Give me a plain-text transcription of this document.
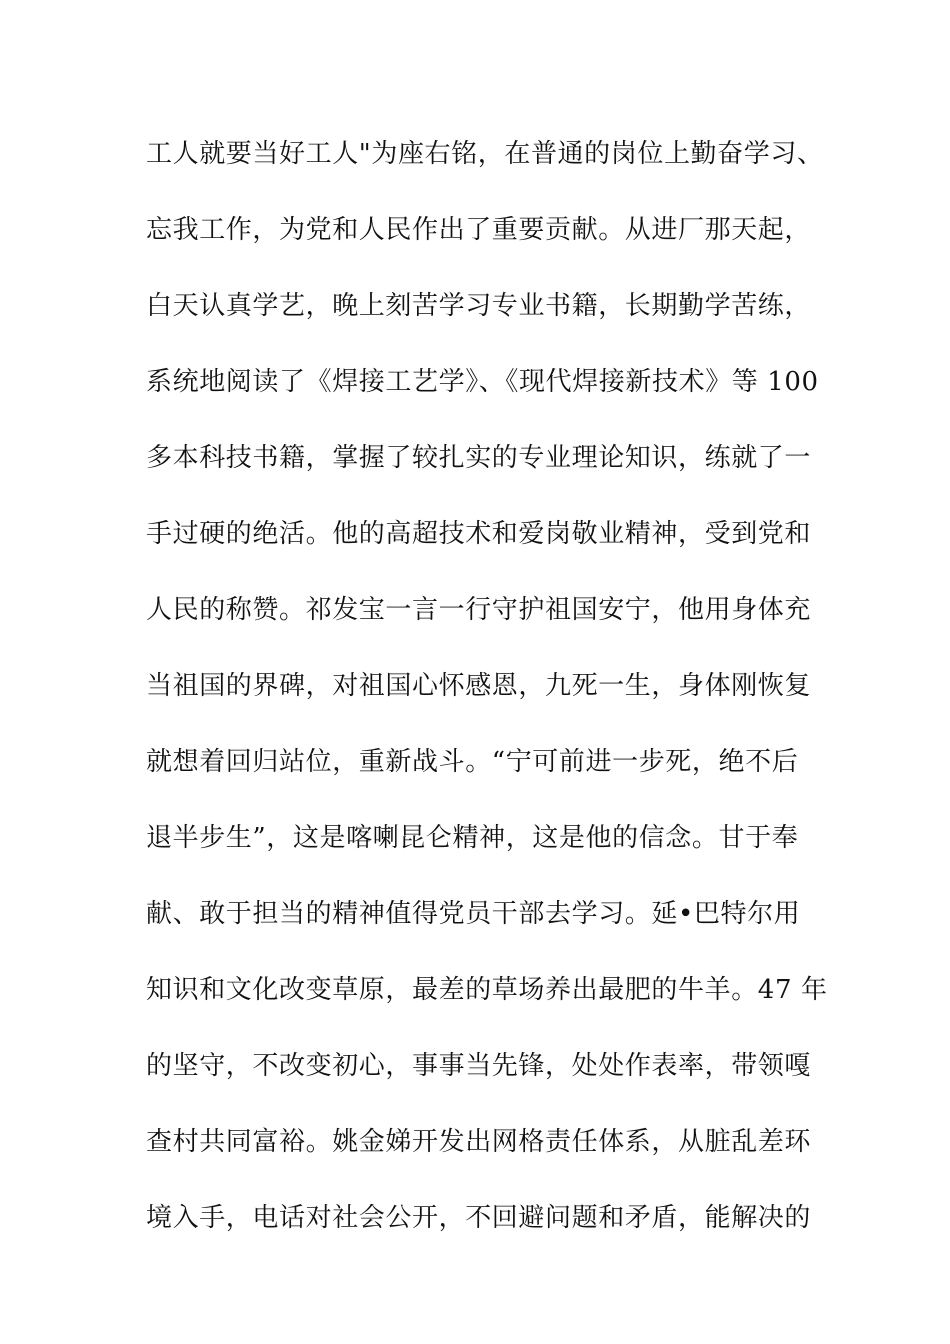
工人就要当好工人"为座右铭，在普通的岗位上勤奋学习、
忘我工作，为党和人民作出了重要贡献。从进厂那天起，
白天认真学艺，晚上刻苦学习专业书籍，长期勤学苦练，
系统地阅读了《焊接工艺学》、《现代焊接新技术》等 100
多本科技书籍，掌握了较扎实的专业理论知识，练就了一
手过硬的绝活。他的高超技术和爱岗敬业精神，受到党和
人民的称赞。祁发宝一言一行守护祖国安宁，他用身体充
当祖国的界碑，对祖国心怀感恩，九死一生，身体刚恢复
就想着回归站位，重新战斗。“宁可前进一步死，绝不后
退半步生”，这是喀喇昆仑精神，这是他的信念。甘于奉
献、敢于担当的精神值得党员干部去学习。延•巴特尔用
知识和文化改变草原，最差的草场养出最肥的牛羊。47 年
的坚守，不改变初心，事事当先锋，处处作表率，带领嘎
查村共同富裕。姚金娣开发出网格责任体系，从脏乱差环
境入手，电话对社会公开，不回避问题和矛盾，能解决的
